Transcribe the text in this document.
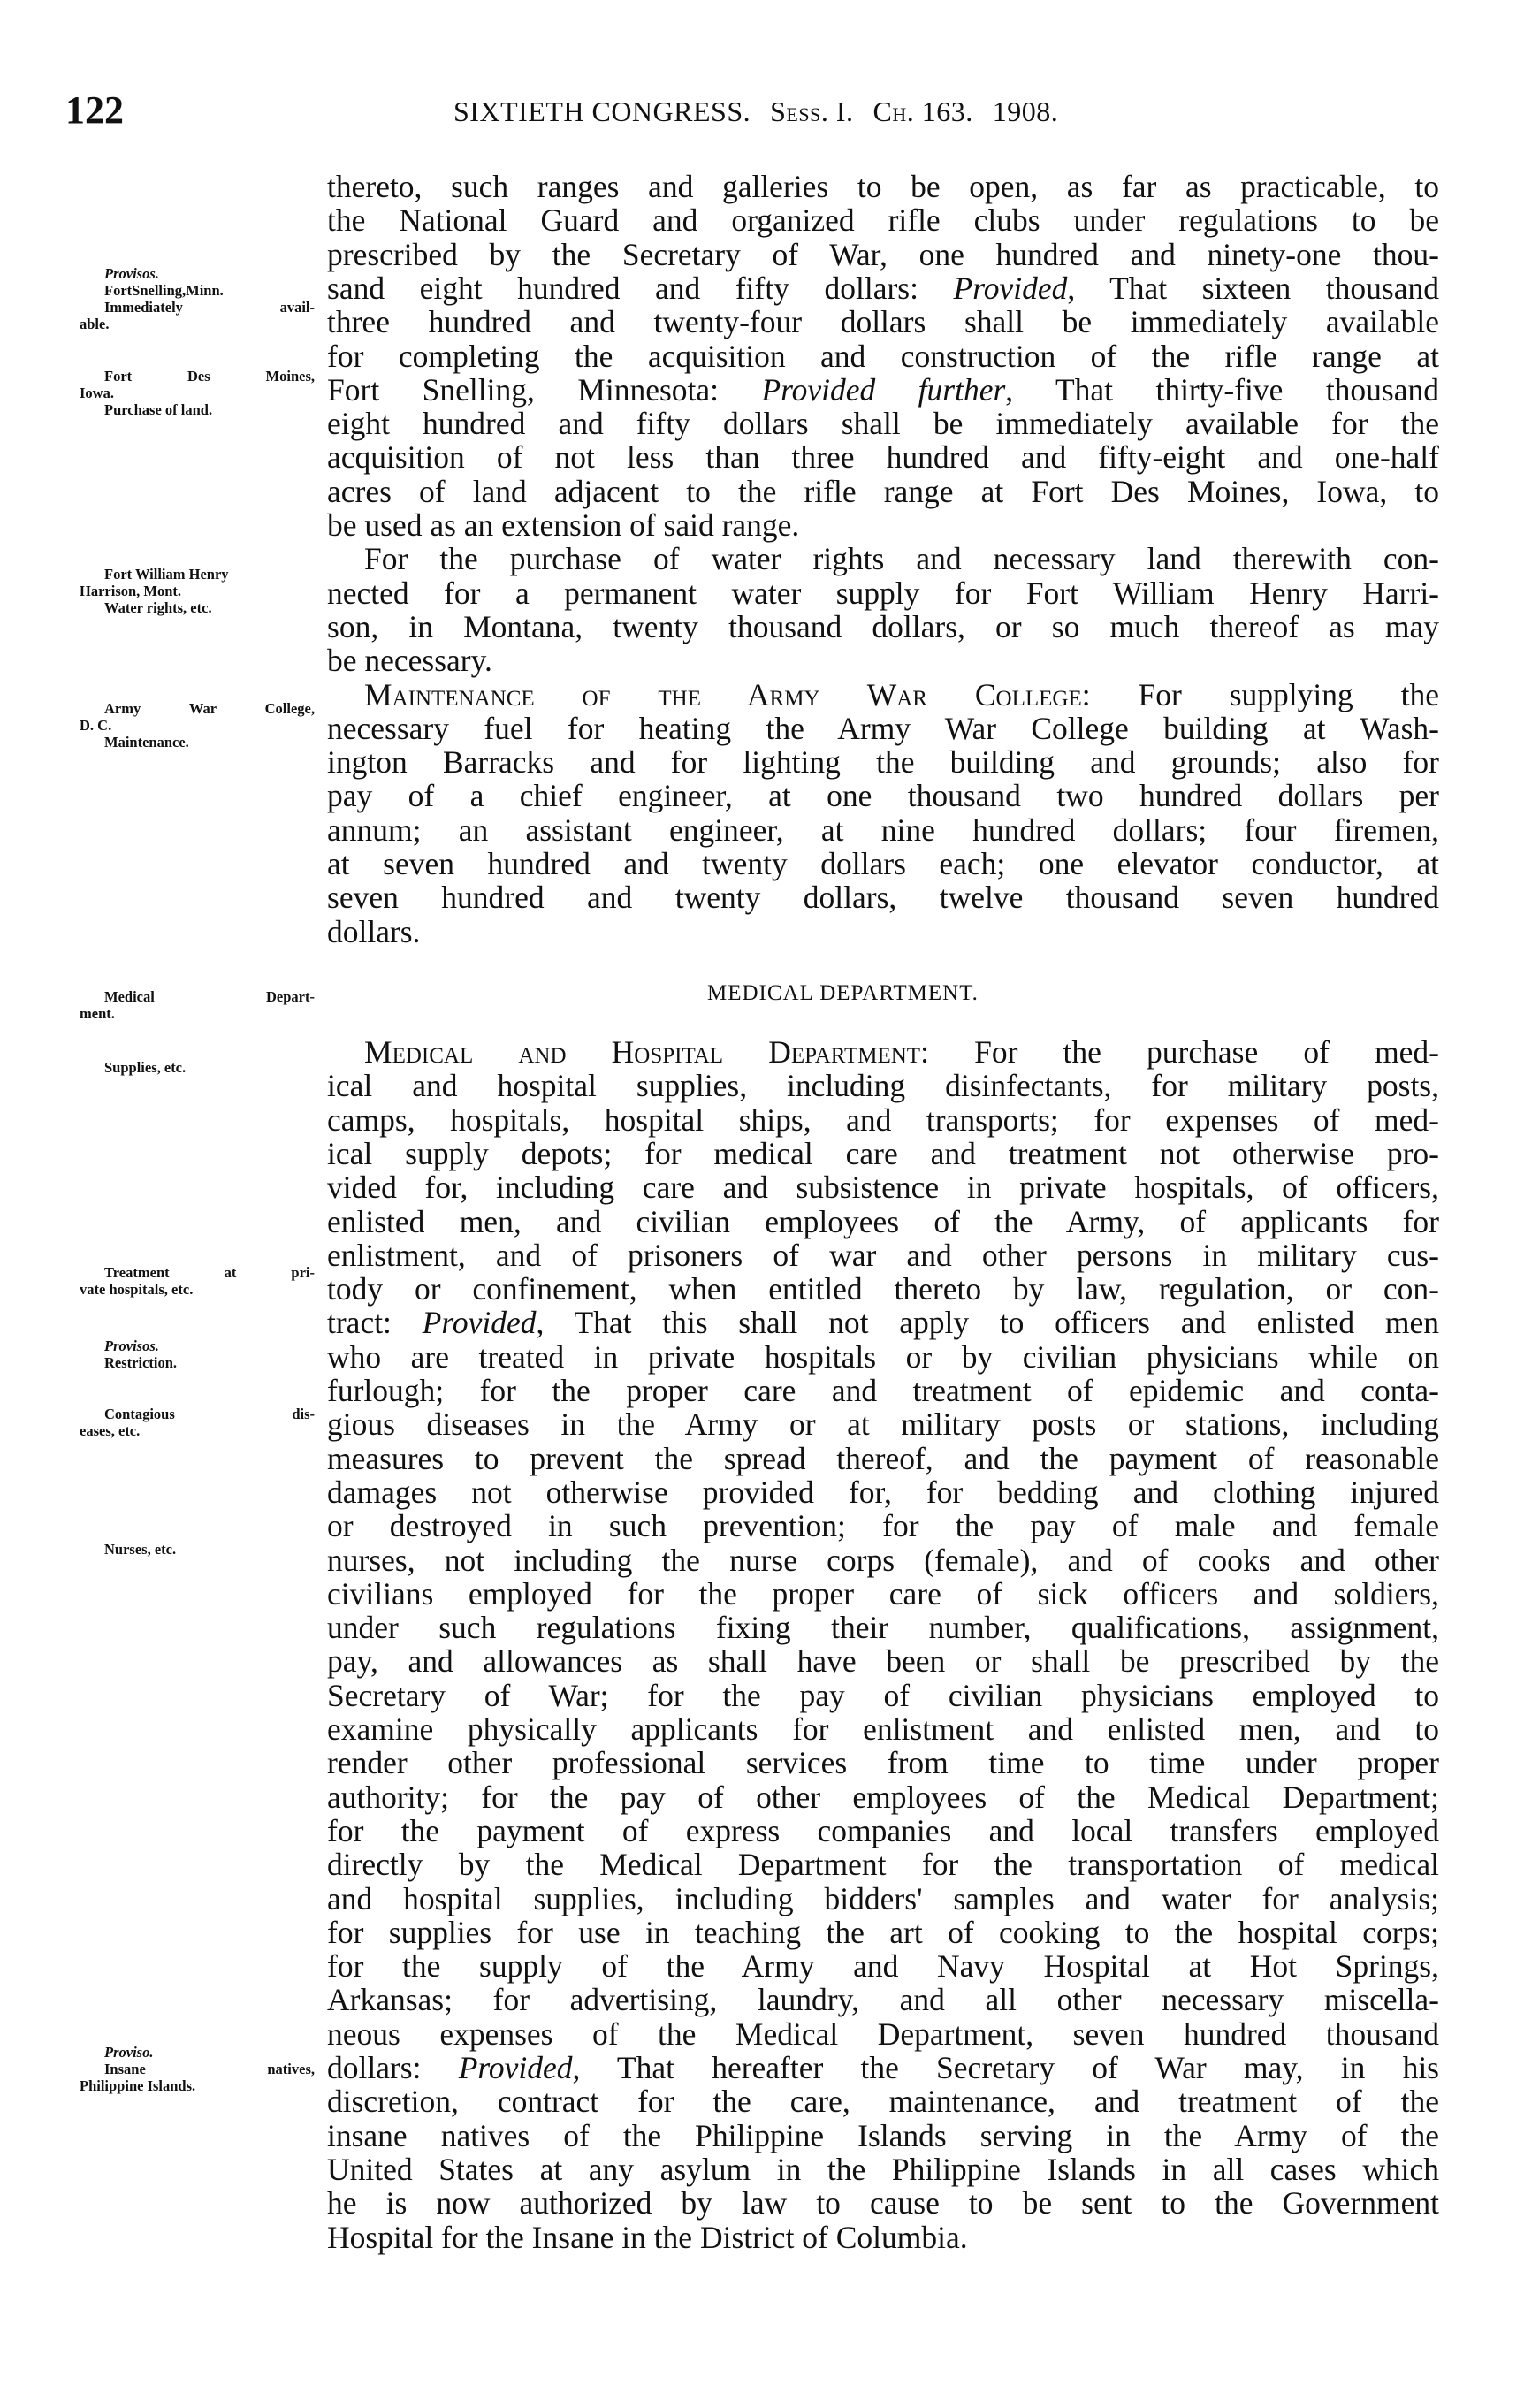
122	SIXTIETH CONGRESS. Sess. I. Ch. 163. 1908.
Provisos.
FortSnelling,Minn.
Immediately avail-
able.
Fort Des Moines,
Iowa.
Purchase of land.
Fort William Henry
Harrison, Mont.
Water rights, etc.
Army War College,
D. C.
Maintenance.
Medical Depart-
ment.
Supplies, etc.
Treatment at pri-
vate hospitals, etc.
Provisos.
Restriction.
Contagious dis-
eases, etc.
Nurses, etc.
Proviso.
Insane natives,
Philippine Islands.
thereto, such ranges and galleries to be open, as far as practicable, to
the National Guard and organized rifle clubs under regulations to be
prescribed by the Secretary of War, one hundred and ninety-one thou-
sand eight hundred and fifty dollars: Provided, That sixteen thousand
three hundred and twenty-four dollars shall be immediately available
for completing the acquisition and construction of the rifle range at
Fort Snelling, Minnesota: Provided further, That thirty-five thousand
eight hundred and fifty dollars shall be immediately available for the
acquisition of not less than three hundred and fifty-eight and one-half
acres of land adjacent to the rifle range at Fort Des Moines, Iowa, to
be used as an extension of said range.
For the purchase of water rights and necessary land therewith con-
nected for a permanent water supply for Fort William Henry Harri-
son, in Montana, twenty thousand dollars, or so much thereof as may
be necessary.
Maintenance of the Army War College: For supplying the
necessary fuel for heating the Army War College building at Wash-
ington Barracks and for lighting the building and grounds; also for
pay of a chief engineer, at one thousand two hundred dollars per
annum; an assistant engineer, at nine hundred dollars; four firemen,
at seven hundred and twenty dollars each; one elevator conductor, at
seven hundred and twenty dollars, twelve thousand seven hundred
dollars.
Medical and Hospital Department: For the purchase of med-
ical and hospital supplies, including disinfectants, for military posts,
camps, hospitals, hospital ships, and transports; for expenses of med-
ical supply depots; for medical care and treatment not otherwise pro-
vided for, including care and subsistence in private hospitals, of officers,
enlisted men, and civilian employees of the Army, of applicants for
enlistment, and of prisoners of war and other persons in military cus-
tody or confinement, when entitled thereto by law, regulation, or con-
tract: Provided, That this shall not apply to officers and enlisted men
who are treated in private hospitals or by civilian physicians while on
furlough; for the proper care and treatment of epidemic and conta-
gious diseases in the Army or at military posts or stations, including
measures to prevent the spread thereof, and the payment of reasonable
damages not otherwise provided for, for bedding and clothing injured
or destroyed in such prevention; for the pay of male and female
nurses, not including the nurse corps (female), and of cooks and other
civilians employed for the proper care of sick officers and soldiers,
under such regulations fixing their number, qualifications, assignment,
pay, and allowances as shall have been or shall be prescribed by the
Secretary of War; for the pay of civilian physicians employed to
examine physically applicants for enlistment and enlisted men, and to
render other professional services from time to time under proper
authority; for the pay of other employees of the Medical Department;
for the payment of express companies and local transfers employed
directly by the Medical Department for the transportation of medical
and hospital supplies, including bidders' samples and water for analysis;
for supplies for use in teaching the art of cooking to the hospital corps;
for the supply of the Army and Navy Hospital at Hot Springs,
Arkansas; for advertising, laundry, and all other necessary miscella-
neous expenses of the Medical Department, seven hundred thousand
dollars: Provided, That hereafter the Secretary of War may, in his
discretion, contract for the care, maintenance, and treatment of the
insane natives of the Philippine Islands serving in the Army of the
United States at any asylum in the Philippine Islands in all cases which
he is now authorized by law to cause to be sent to the Government
Hospital for the Insane in the District of Columbia.
MEDICAL DEPARTMENT.
